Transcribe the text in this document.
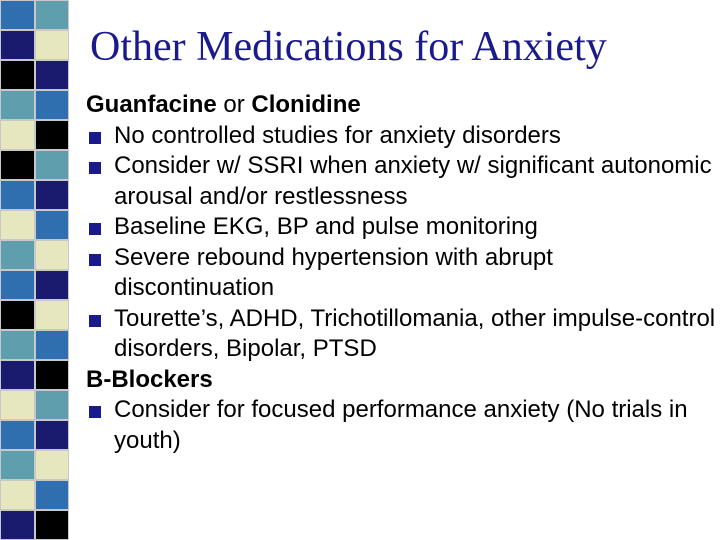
Other Medications for Anxiety
Guanfacine or Clonidine
No controlled studies for anxiety disorders
Consider w/ SSRI when anxiety w/ significant autonomic arousal and/or restlessness
Baseline EKG, BP and pulse monitoring
Severe rebound hypertension with abrupt discontinuation
Tourette’s, ADHD, Trichotillomania, other impulse-control disorders, Bipolar, PTSD
B-Blockers
Consider for focused performance anxiety (No trials in youth)
